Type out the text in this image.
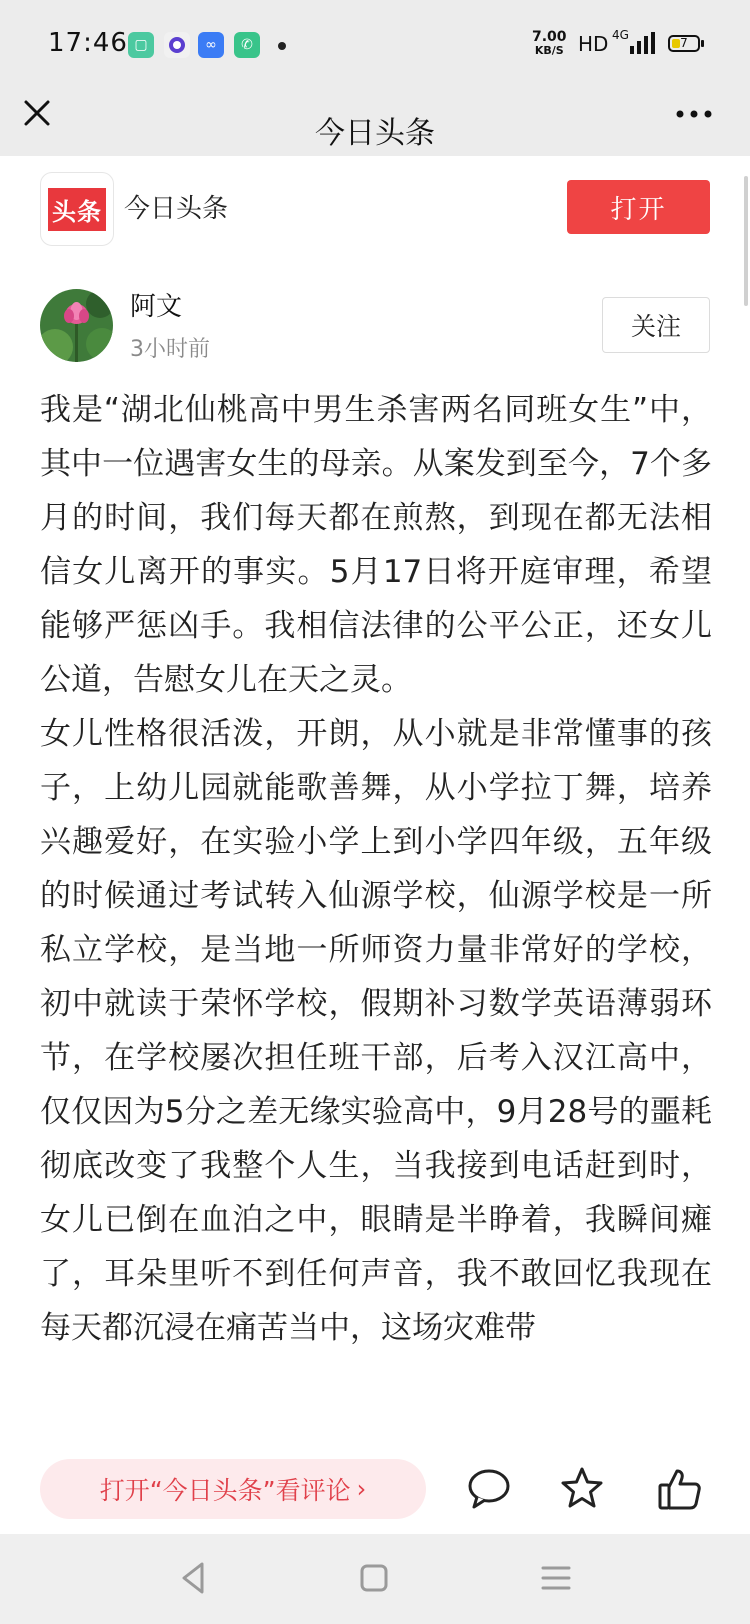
17:46 ▢	∞	✆	7.00
KB/S HD 4G
7
今日头条
头条 今日头条	打开
阿文
3小时前
关注

我是“湖北仙桃高中男生杀害两名同班女生”中，其中一位遇害女生的母亲。从案发到至今，7个多月的时间，我们每天都在煎熬，到现在都无法相信女儿离开的事实。5月17日将开庭审理，希望能够严惩凶手。我相信法律的公平公正，还女儿公道，告慰女儿在天之灵。

女儿性格很活泼，开朗，从小就是非常懂事的孩子，上幼儿园就能歌善舞，从小学拉丁舞，培养兴趣爱好，在实验小学上到小学四年级，五年级的时候通过考试转入仙源学校，仙源学校是一所私立学校，是当地一所师资力量非常好的学校，初中就读于荣怀学校，假期补习数学英语薄弱环节，在学校屡次担任班干部，后考入汉江高中，仅仅因为5分之差无缘实验高中，9月28号的噩耗彻底改变了我整个人生，当我接到电话赶到时，女儿已倒在血泊之中，眼睛是半睁着，我瞬间瘫了，耳朵里听不到任何声音，我不敢回忆我现在每天都沉浸在痛苦当中，这场灾难带

打开“今日头条”看评论 ›
